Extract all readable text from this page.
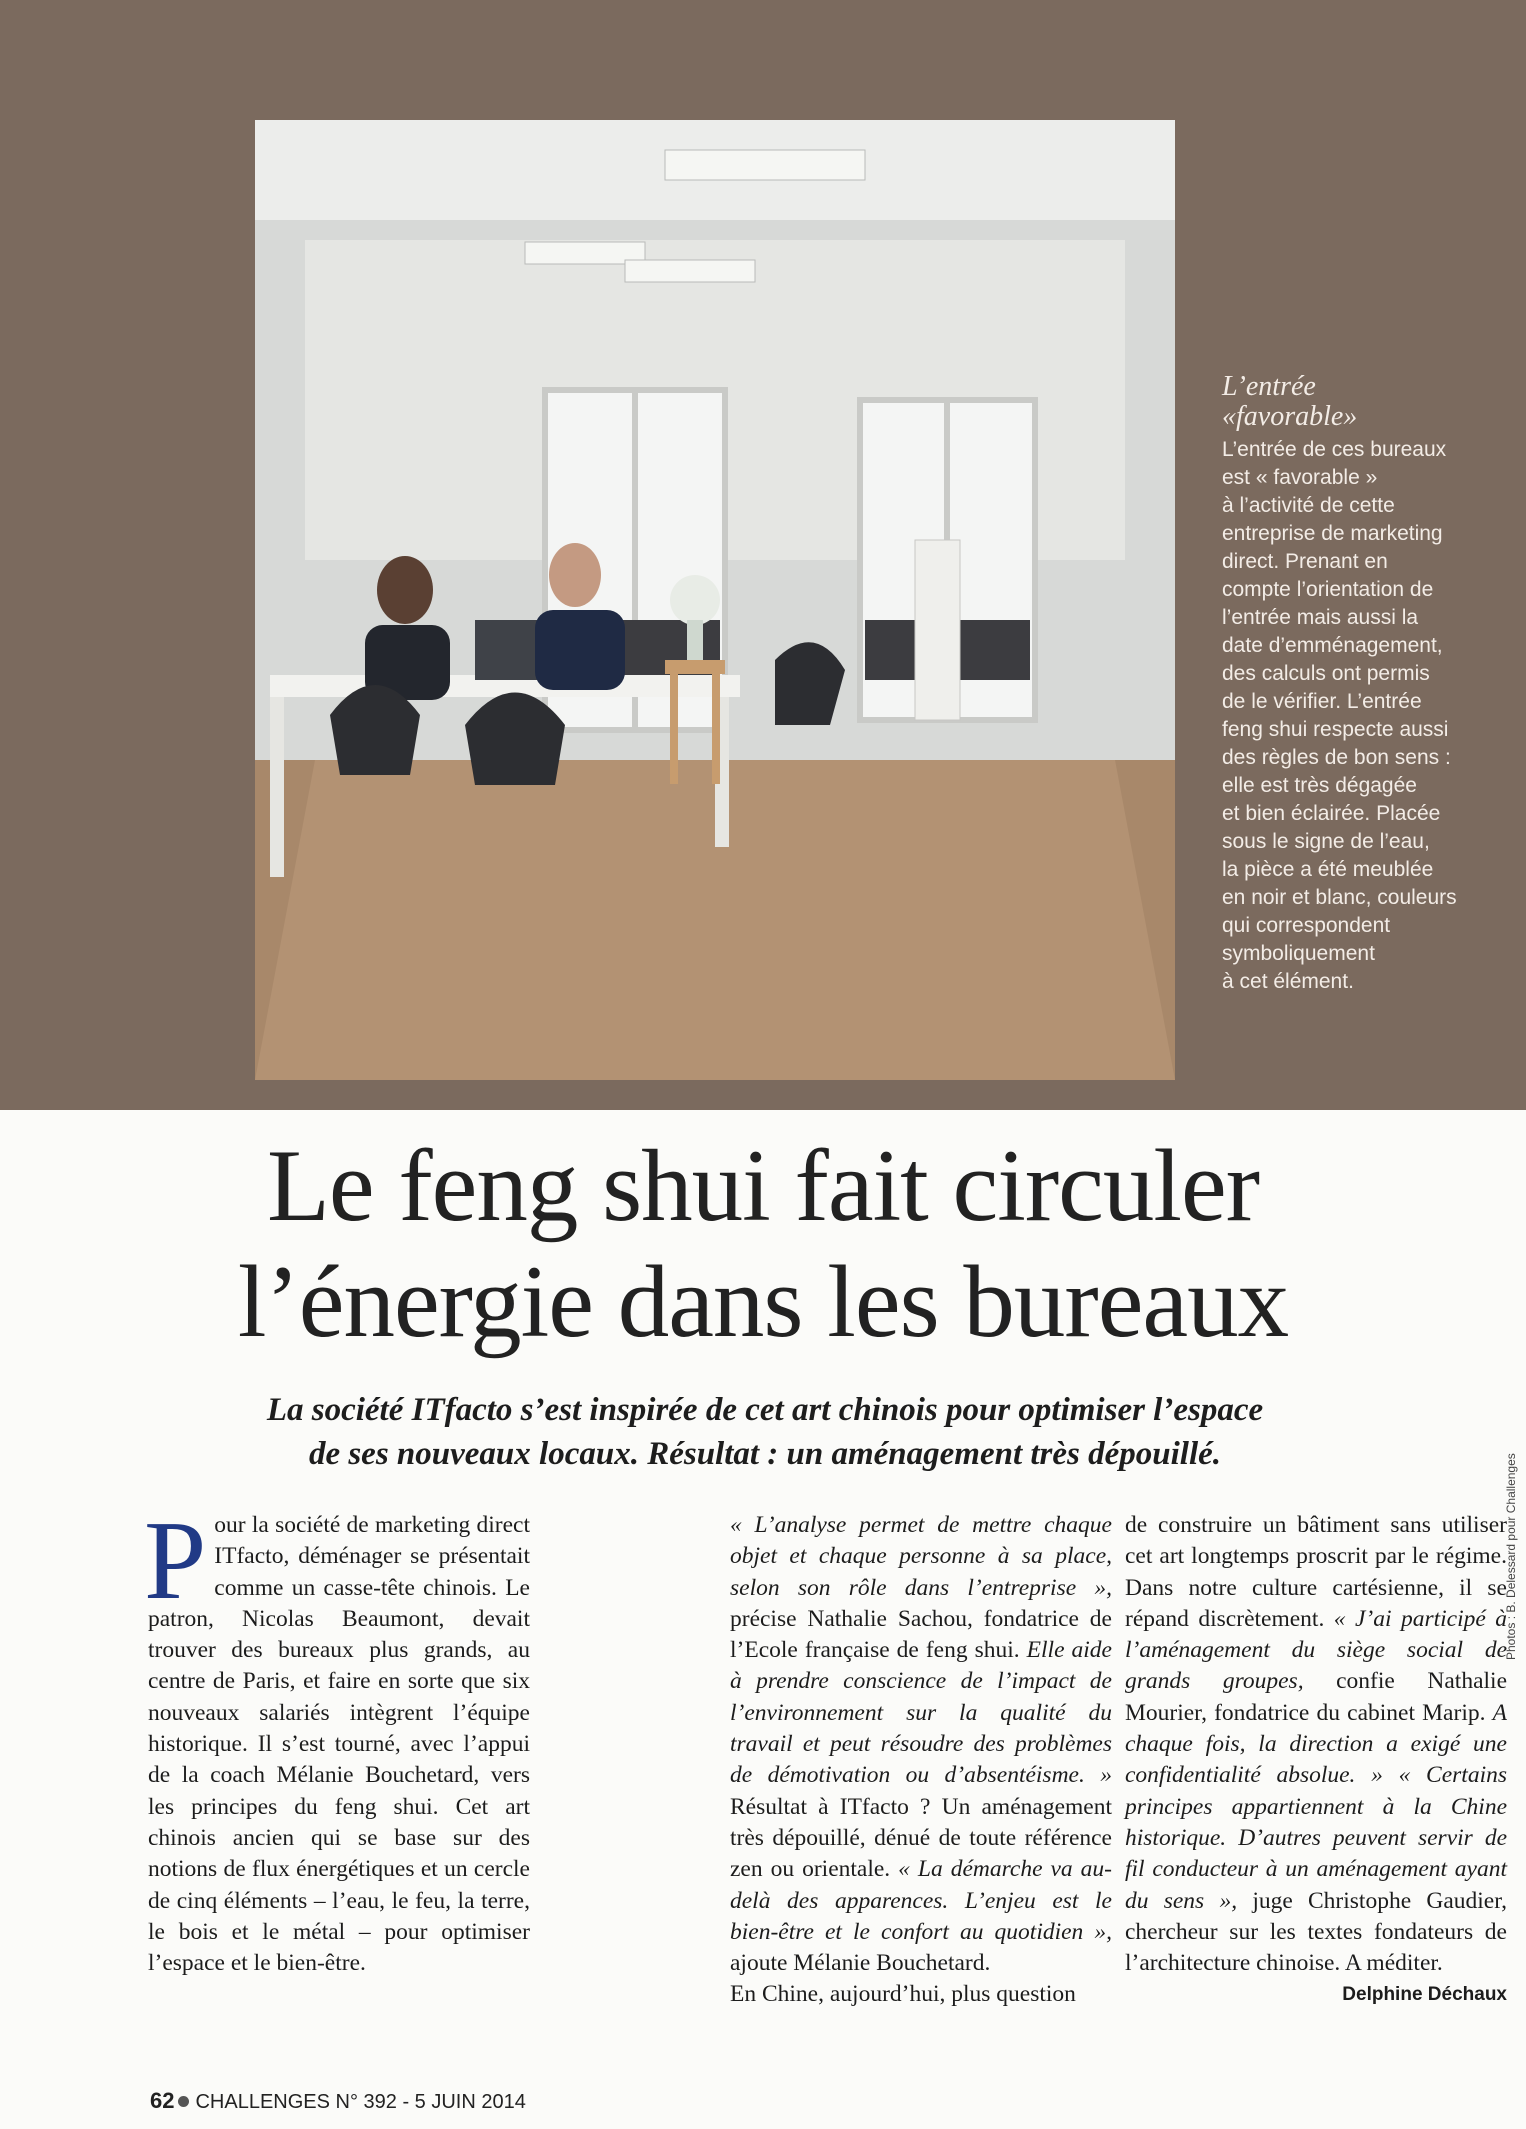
L’entrée
«favorable»
L’entrée de ces bureaux
est « favorable »
à l’activité de cette
entreprise de marketing
direct. Prenant en
compte l’orientation de
l’entrée mais aussi la
date d’emménagement,
des calculs ont permis
de le vérifier. L’entrée
feng shui respecte aussi
des règles de bon sens :
elle est très dégagée
et bien éclairée. Placée
sous le signe de l’eau,
la pièce a été meublée
en noir et blanc, couleurs
qui correspondent
symboliquement
à cet élément.
Le feng shui fait circuler
l’énergie dans les bureaux
La société ITfacto s’est inspirée de cet art chinois pour optimiser l’espace
de ses nouveaux locaux. Résultat : un aménagement très dépouillé.
P our la société de marketing direct ITfacto, déménager se présentait comme un casse-tête chinois. Le patron, Nicolas Beaumont, devait trouver des bureaux plus grands, au centre de Paris, et faire en sorte que six nouveaux salariés intègrent l’équipe historique. Il s’est tourné, avec l’appui de la coach Mélanie Bouchetard, vers les principes du feng shui. Cet art chinois ancien qui se base sur des notions de flux énergétiques et un cercle de cinq éléments – l’eau, le feu, la terre, le bois et le métal – pour optimiser l’espace et le bien-être.

« L’analyse permet de mettre chaque objet et chaque personne à sa place, selon son rôle dans l’entreprise », précise Nathalie Sachou, fondatrice de l’Ecole française de feng shui. Elle aide à prendre conscience de l’impact de l’environnement sur la qualité du travail et peut résoudre des problèmes de démotivation ou d’absentéisme. » Résultat à ITfacto ? Un aménagement très dépouillé, dénué de toute référence zen ou orientale. « La démarche va au-delà des apparences. L’enjeu est le bien-être et le confort au quotidien », ajoute Mélanie Bouchetard.

En Chine, aujourd’hui, plus question

de construire un bâtiment sans utiliser cet art longtemps proscrit par le régime. Dans notre culture cartésienne, il se répand discrètement. « J’ai participé à l’aménagement du siège social de grands groupes, confie Nathalie Mourier, fondatrice du cabinet Marip. A chaque fois, la direction a exigé une confidentialité absolue. » « Certains principes appartiennent à la Chine historique. D’autres peuvent servir de fil conducteur à un aménagement ayant du sens », juge Christophe Gaudier, chercheur sur les textes fondateurs de l’architecture chinoise. A méditer.
Delphine Déchaux

Photos : B. Delessard pour Challenges
62 CHALLENGES N° 392 - 5 JUIN 2014
